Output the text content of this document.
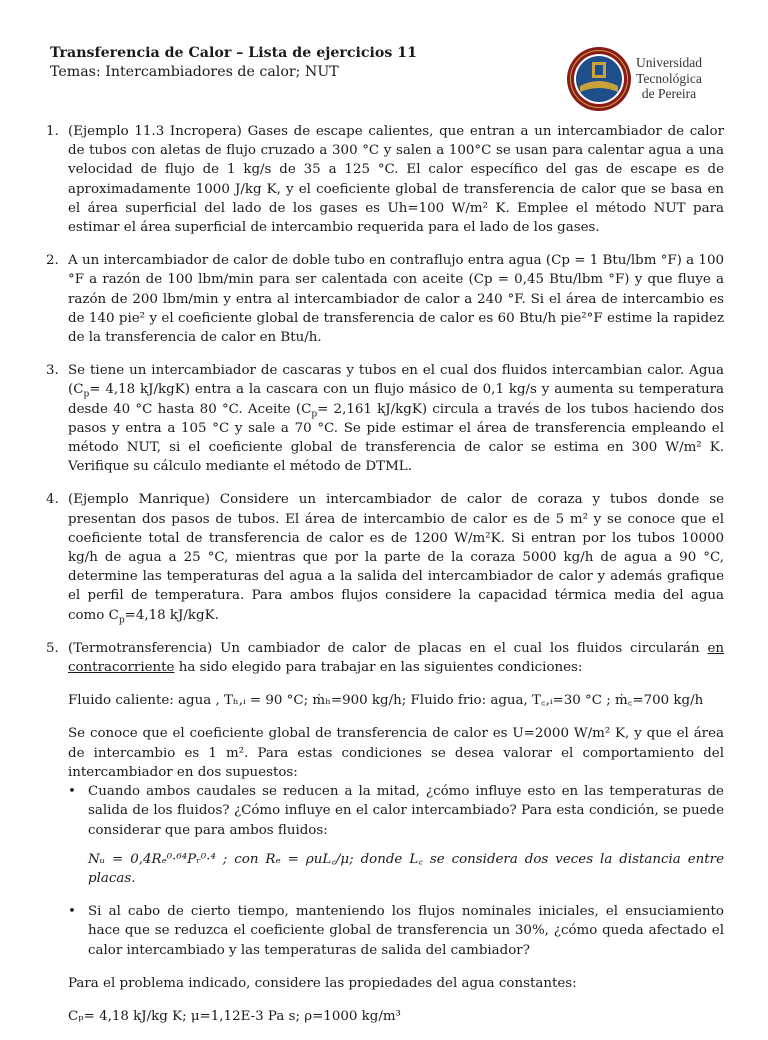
Transferencia de Calor – Lista de ejercicios 11
Temas: Intercambiadores de calor; NUT
Universidad
Tecnológica
de Pereira
1. (Ejemplo 11.3 Incropera) Gases de escape calientes, que entran a un intercambiador de calor de tubos con aletas de flujo cruzado a 300 °C y salen a 100°C se usan para calentar agua a una velocidad de flujo de 1 kg/s de 35 a 125 °C. El calor específico del gas de escape es de aproximadamente 1000 J/kg K, y el coeficiente global de transferencia de calor que se basa en el área superficial del lado de los gases es Uh=100 W/m² K. Emplee el método NUT para estimar el área superficial de intercambio requerida para el lado de los gases.
2. A un intercambiador de calor de doble tubo en contraflujo entra agua (Cp = 1 Btu/lbm °F) a 100 °F a razón de 100 lbm/min para ser calentada con aceite (Cp = 0,45 Btu/lbm °F) y que fluye a razón de 200 lbm/min y entra al intercambiador de calor a 240 °F. Si el área de intercambio es de 140 pie² y el coeficiente global de transferencia de calor es 60 Btu/h pie²°F estime la rapidez de la transferencia de calor en Btu/h.
3. Se tiene un intercambiador de cascaras y tubos en el cual dos fluidos intercambian calor. Agua ($C_p= 4,18$ kJ/kgK) entra a la cascara con un flujo másico de 0,1 kg/s y aumenta su temperatura desde 40 °C hasta 80 °C. Aceite ($C_p= 2,161$ kJ/kgK) circula a través de los tubos haciendo dos pasos y entra a 105 °C y sale a 70 °C. Se pide estimar el área de transferencia empleando el método NUT, si el coeficiente global de transferencia de calor se estima en 300 W/m² K. Verifique su cálculo mediante el método de DTML.
4. (Ejemplo Manrique) Considere un intercambiador de calor de coraza y tubos donde se presentan dos pasos de tubos. El área de intercambio de calor es de 5 m² y se conoce que el coeficiente total de transferencia de calor es de 1200 W/m²K. Si entran por los tubos 10000 kg/h de agua a 25 °C, mientras que por la parte de la coraza 5000 kg/h de agua a 90 °C, determine las temperaturas del agua a la salida del intercambiador de calor y además grafique el perfil de temperatura. Para ambos flujos considere la capacidad térmica media del agua como $C_p=4,18$ kJ/kgK.
5. (Termotransferencia) Un cambiador de calor de placas en el cual los fluidos circularán en contracorriente ha sido elegido para trabajar en las siguientes condiciones:

Fluido caliente: agua , Tₕ,ᵢ = 90 °C; ṁₕ=900 kg/h; Fluido frio: agua, T꜀,ᵢ=30 °C ; ṁ꜀=700 kg/h

Se conoce que el coeficiente global de transferencia de calor es U=2000 W/m² K, y que el área de intercambio es 1 m². Para estas condiciones se desea valorar el comportamiento del intercambiador en dos supuestos:

• Cuando ambos caudales se reducen a la mitad, ¿cómo influye esto en las temperaturas de salida de los fluidos? ¿Cómo influye en el calor intercambiado? Para esta condición, se puede considerar que para ambos fluidos:
Nᵤ = 0,4Rₑ⁰·⁶⁴Pᵣ⁰·⁴ ; con Rₑ = ρuL꜀/μ; donde L꜀ se considera dos veces la distancia entre placas.
• Si al cabo de cierto tiempo, manteniendo los flujos nominales iniciales, el ensuciamiento hace que se reduzca el coeficiente global de transferencia un 30%, ¿cómo queda afectado el calor intercambiado y las temperaturas de salida del cambiador?

Para el problema indicado, considere las propiedades del agua constantes:

Cₚ= 4,18 kJ/kg K; μ=1,12E-3 Pa s; ρ=1000 kg/m³
